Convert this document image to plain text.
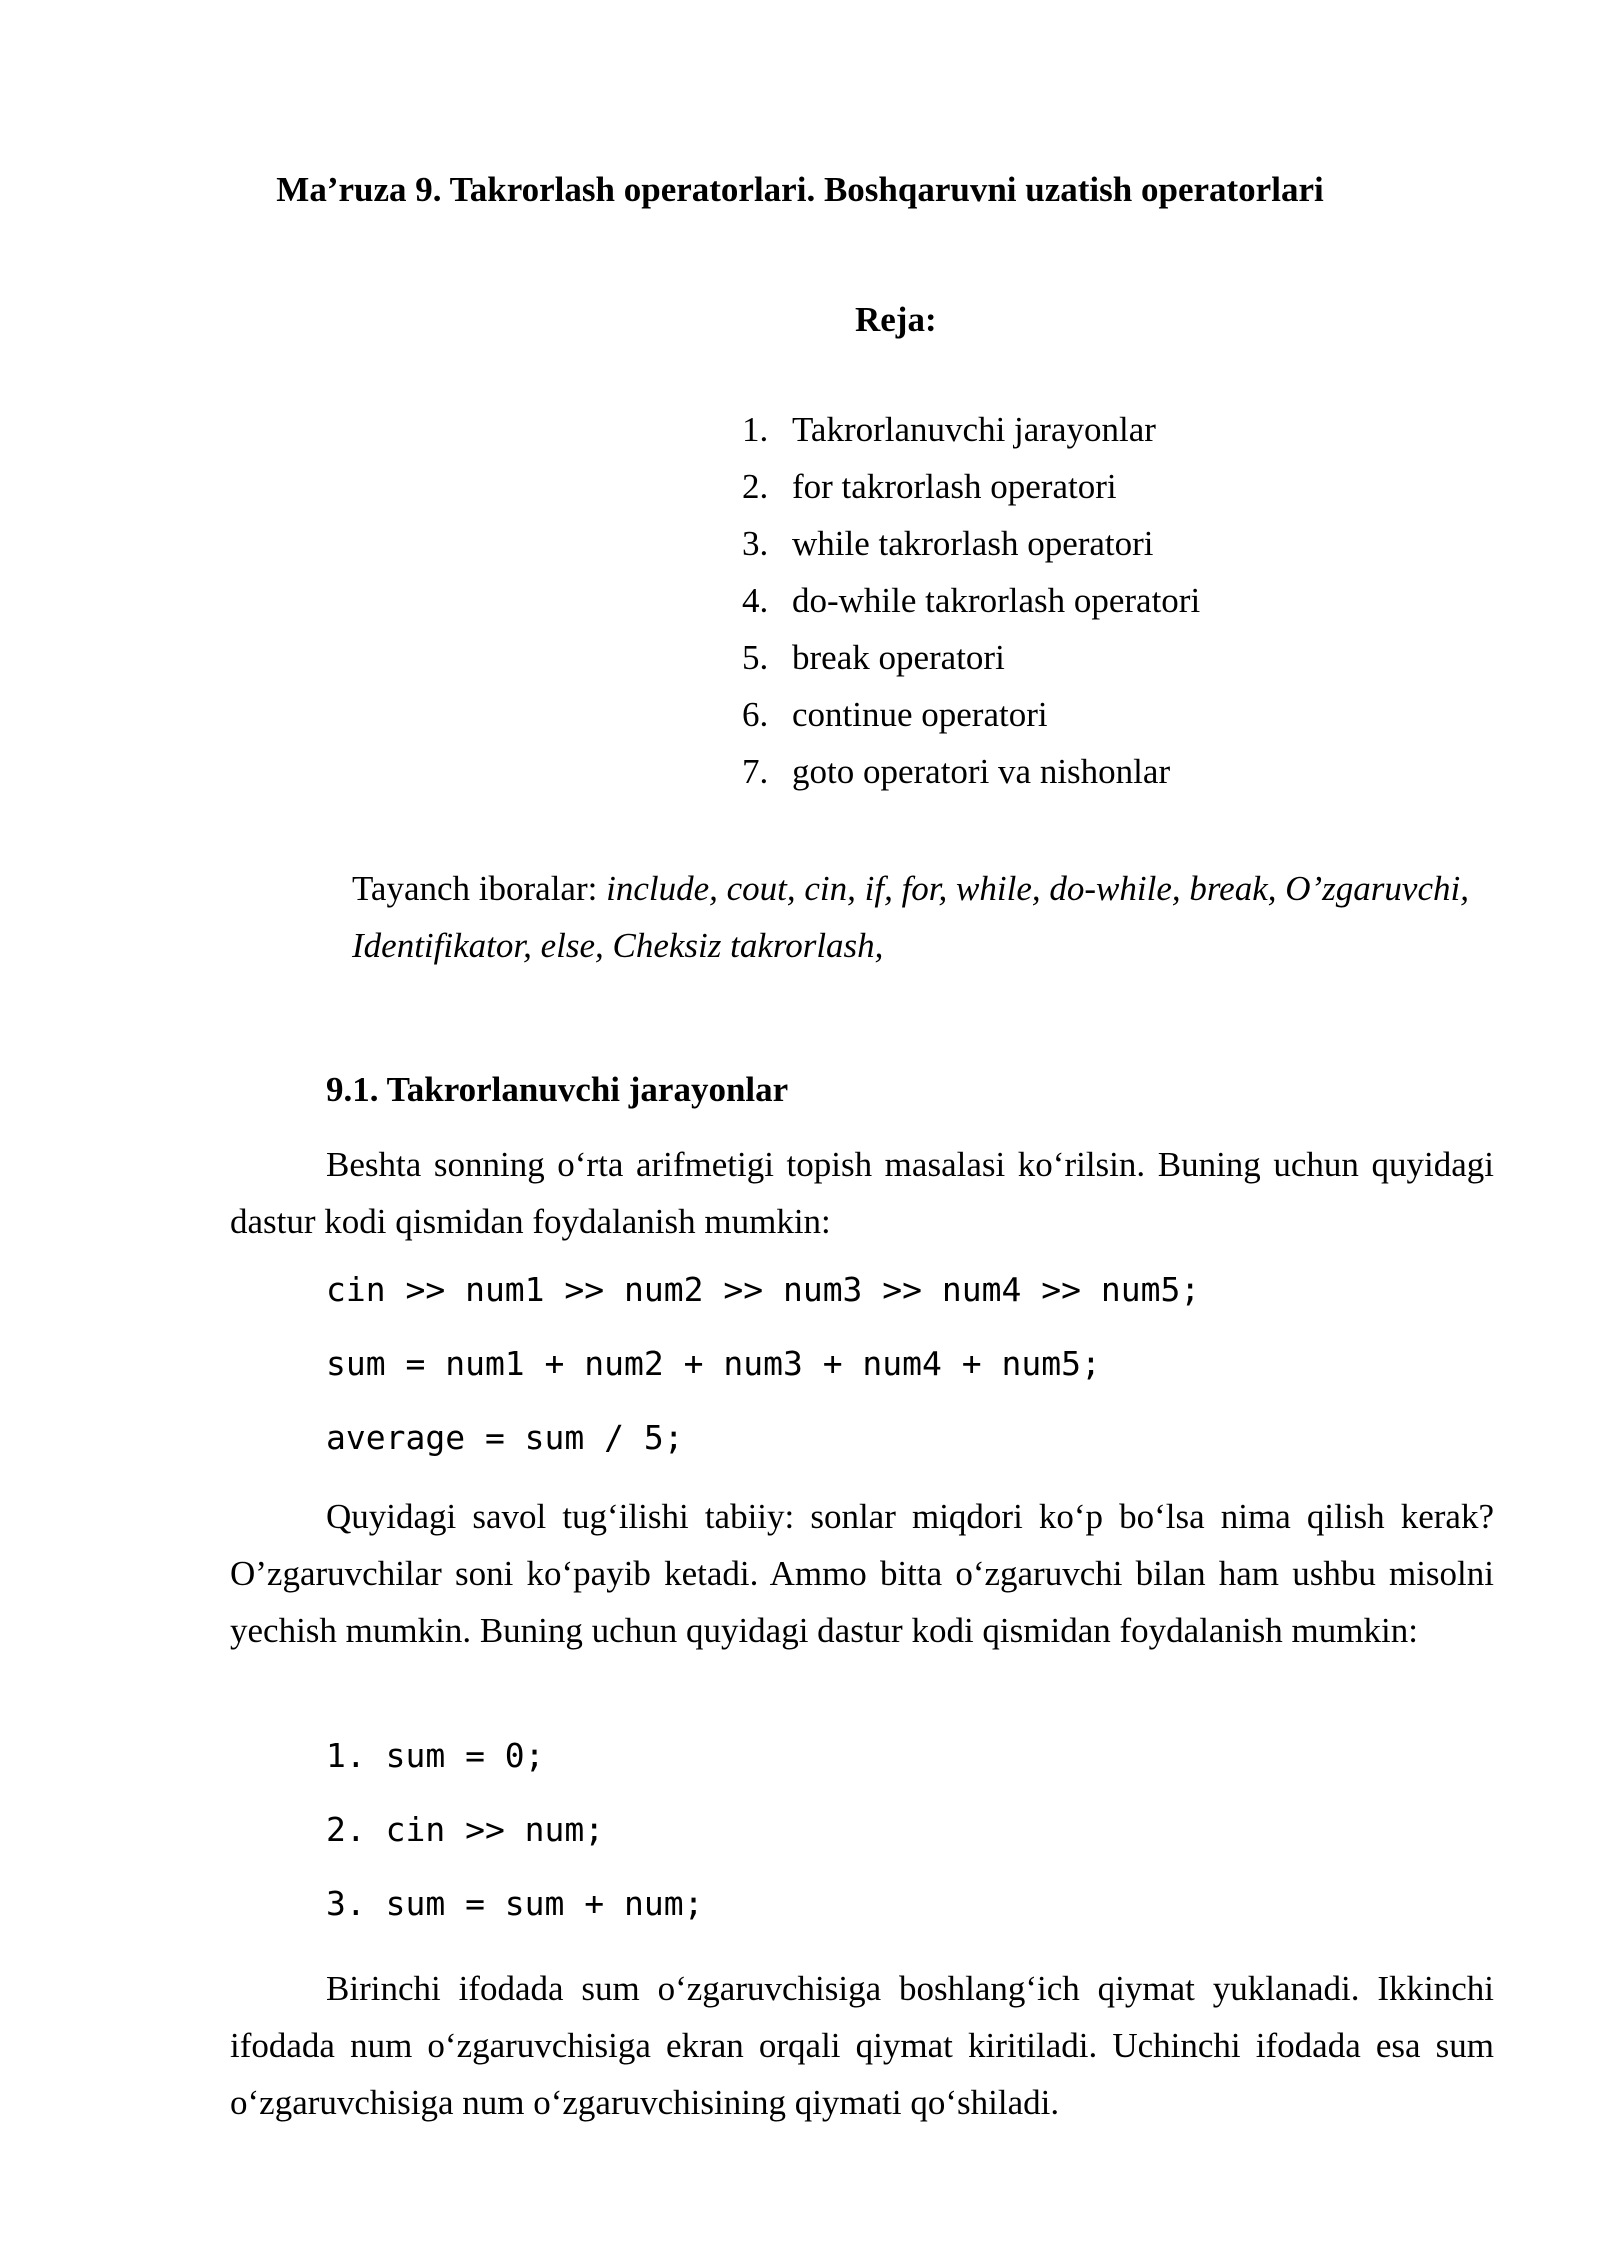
Ma’ruza 9. Takrorlash operatorlari. Boshqaruvni uzatish operatorlari
Reja:
1. Takrorlanuvchi jarayonlar
2. for takrorlash operatori
3. while takrorlash operatori
4. do-while takrorlash operatori
5. break operatori
6. continue operatori
7. goto operatori va nishonlar
Tayanch iboralar: include, cout, cin, if, for, while, do-while, break, O’zgaruvchi, Identifikator, else, Cheksiz takrorlash,
9.1. Takrorlanuvchi jarayonlar

Beshta sonning o‘rta arifmetigi topish masalasi ko‘rilsin. Buning uchun quyidagi dastur kodi qismidan foydalanish mumkin:

cin >> num1 >> num2 >> num3 >> num4 >> num5;
sum = num1 + num2 + num3 + num4 + num5;
average = sum / 5;

Quyidagi savol tug‘ilishi tabiiy: sonlar miqdori ko‘p bo‘lsa nima qilish kerak? O’zgaruvchilar soni ko‘payib ketadi. Ammo bitta o‘zgaruvchi bilan ham ushbu misolni yechish mumkin. Buning uchun quyidagi dastur kodi qismidan foydalanish mumkin:

1. sum = 0;
2. cin >> num;
3. sum = sum + num;

Birinchi ifodada sum o‘zgaruvchisiga boshlang‘ich qiymat yuklanadi. Ikkinchi ifodada num o‘zgaruvchisiga ekran orqali qiymat kiritiladi. Uchinchi ifodada esa sum o‘zgaruvchisiga num o‘zgaruvchisining qiymati qo‘shiladi.
